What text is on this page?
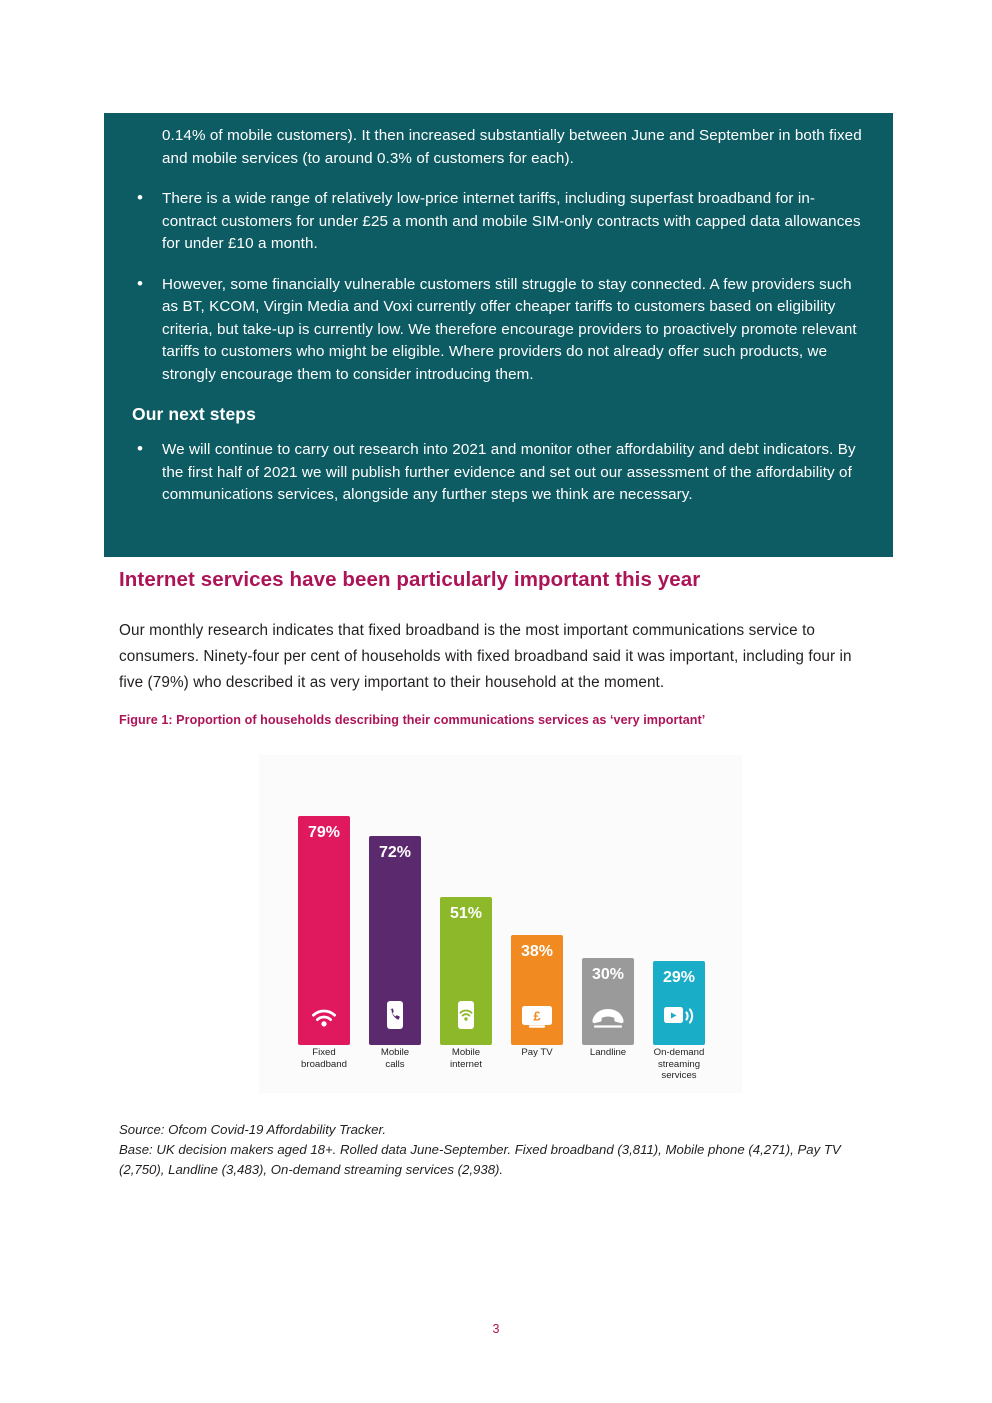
0.14% of mobile customers). It then increased substantially between June and September in both fixed and mobile services (to around 0.3% of customers for each).

• There is a wide range of relatively low-price internet tariffs, including superfast broadband for in-contract customers for under £25 a month and mobile SIM-only contracts with capped data allowances for under £10 a month.
• However, some financially vulnerable customers still struggle to stay connected. A few providers such as BT, KCOM, Virgin Media and Voxi currently offer cheaper tariffs to customers based on eligibility criteria, but take-up is currently low. We therefore encourage providers to proactively promote relevant tariffs to customers who might be eligible. Where providers do not already offer such products, we strongly encourage them to consider introducing them.
Our next steps
• We will continue to carry out research into 2021 and monitor other affordability and debt indicators. By the first half of 2021 we will publish further evidence and set out our assessment of the affordability of communications services, alongside any further steps we think are necessary.
Internet services have been particularly important this year
Our monthly research indicates that fixed broadband is the most important communications service to consumers. Ninety-four per cent of households with fixed broadband said it was important, including four in five (79%) who described it as very important to their household at the moment.
Figure 1: Proportion of households describing their communications services as ‘very important’
79%
72%
51%
£
38%
30%	29%
Fixed
broadband
Mobile
calls
Mobile
internet
Pay TV	Landline	On-demand
streaming
services
Source: Ofcom Covid-19 Affordability Tracker.
Base: UK decision makers aged 18+. Rolled data June-September. Fixed broadband (3,811), Mobile phone (4,271), Pay TV (2,750), Landline (3,483), On-demand streaming services (2,938).
3
